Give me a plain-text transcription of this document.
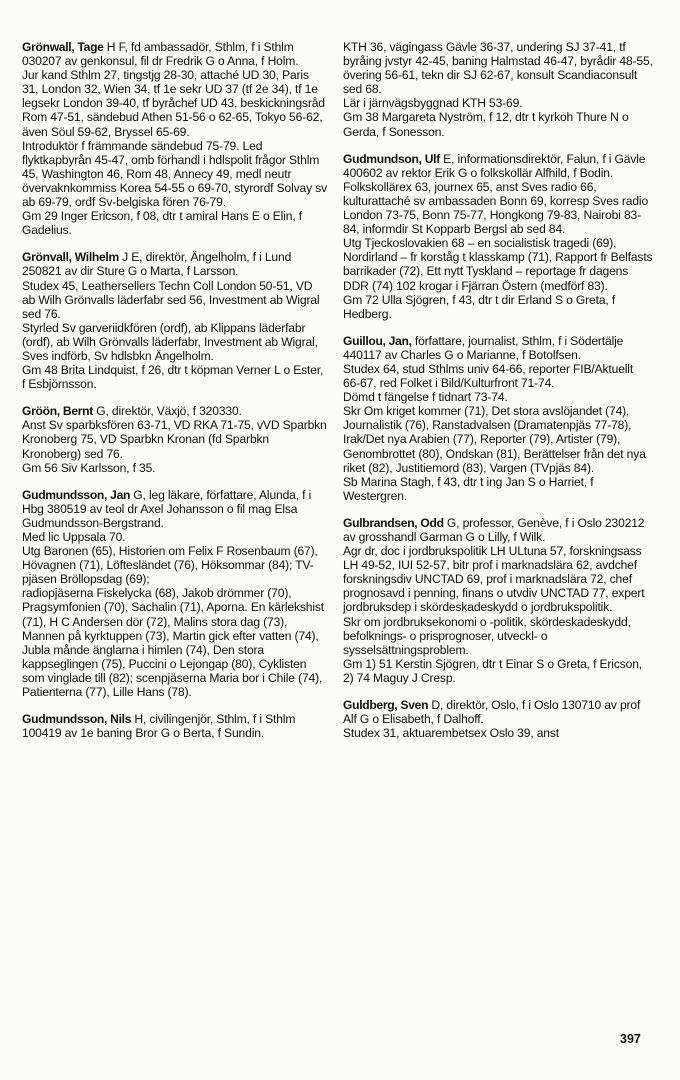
Grönwall, Tage H F, fd ambassadör, Sthlm, f i Sthlm 030207 av genkonsul, fil dr Fredrik G o Anna, f Holm.

Jur kand Sthlm 27, tingstjg 28-30, attaché UD 30, Paris 31, London 32, Wien 34, tf 1e sekr UD 37 (tf 2e 34), tf 1e legsekr London 39-40, tf byråchef UD 43, beskickningsråd Rom 47-51, sändebud Athen 51-56 o 62-65, Tokyo 56-62, även Söul 59-62, Bryssel 65-69.

Introduktör f främmande sändebud 75-79. Led flyktkapbyrån 45-47, omb förhandl i hdlspolit frågor Sthlm 45, Washington 46, Rom 48, Annecy 49, medl neutr övervaknkommiss Korea 54-55 o 69-70, styrordf Solvay sv ab 69-79, ordf Sv-belgiska fören 76-79.

Gm 29 Inger Ericson, f 08, dtr t amiral Hans E o Elin, f Gadelius.

Grönvall, Wilhelm J E, direktör, Ängelholm, f i Lund 250821 av dir Sture G o Marta, f Larsson.

Studex 45, Leathersellers Techn Coll London 50-51, VD ab Wilh Grönvalls läderfabr sed 56, Investment ab Wigral sed 76.

Styrled Sv garveriidkfören (ordf), ab Klippans läderfabr (ordf), ab Wilh Grönvalls läderfabr, Investment ab Wigral, Sves indförb, Sv hdlsbkn Ängelholm.

Gm 48 Brita Lindquist, f 26, dtr t köpman Verner L o Ester, f Esbjörnsson.

Gröön, Bernt G, direktör, Växjö, f 320330.

Anst Sv sparbksfören 63-71, VD RKA 71-75, vVD Sparbkn Kronoberg 75, VD Sparbkn Kronan (fd Sparbkn Kronoberg) sed 76.

Gm 56 Siv Karlsson, f 35.

Gudmundsson, Jan G, leg läkare, författare, Alunda, f i Hbg 380519 av teol dr Axel Johansson o fil mag Elsa Gudmundsson-Bergstrand.

Med lic Uppsala 70.

Utg Baronen (65), Historien om Felix F Rosenbaum (67), Hövagnen (71), Löftesländet (76), Höksommar (84); TV-pjäsen Bröllopsdag (69);

radiopjäserna Fiskelycka (68), Jakob drömmer (70), Pragsymfonien (70), Sachalin (71), Aporna. En kärlekshist (71), H C Andersen dör (72), Malins stora dag (73), Mannen på kyrktuppen (73), Martin gick efter vatten (74), Jubla månde änglarna i himlen (74), Den stora kappseglingen (75), Puccini o Lejongap (80), Cyklisten som vinglade till (82); scenpjäserna Maria bor i Chile (74), Patienterna (77), Lille Hans (78).

Gudmundsson, Nils H, civilingenjör, Sthlm, f i Sthlm 100419 av 1e baning Bror G o Berta, f Sundin.

KTH 36, vägingass Gävle 36-37, undering SJ 37-41, tf byråing jvstyr 42-45, baning Halmstad 46-47, byrådir 48-55, övering 56-61, tekn dir SJ 62-67, konsult Scandiaconsult sed 68.

Lär i järnvägsbyggnad KTH 53-69.

Gm 38 Margareta Nyström, f 12, dtr t kyrkoh Thure N o Gerda, f Sonesson.

Gudmundson, Ulf E, informationsdirektör, Falun, f i Gävle 400602 av rektor Erik G o folkskollär Alfhild, f Bodin.

Folkskollärex 63, journex 65, anst Sves radio 66, kulturattaché sv ambassaden Bonn 69, korresp Sves radio London 73-75, Bonn 75-77, Hongkong 79-83, Nairobi 83-84, informdir St Kopparb Bergsl ab sed 84.

Utg Tjeckoslovakien 68 – en socialistisk tragedi (69), Nordirland – fr korståg t klasskamp (71), Rapport fr Belfasts barrikader (72), Ett nytt Tyskland – reportage fr dagens DDR (74) 102 krogar i Fjärran Östern (medförf 83).

Gm 72 Ulla Sjögren, f 43, dtr t dir Erland S o Greta, f Hedberg.

Guillou, Jan, författare, journalist, Sthlm, f i Södertälje 440117 av Charles G o Marianne, f Botolfsen.

Studex 64, stud Sthlms univ 64-66, reporter FIB/Aktuellt 66-67, red Folket i Bild/Kulturfront 71-74.

Dömd t fängelse f tidnart 73-74.

Skr Om kriget kommer (71), Det stora avslöjandet (74), Journalistik (76), Ranstadvalsen (Dramatenpjäs 77-78), Irak/Det nya Arabien (77), Reporter (79), Artister (79), Genombrottet (80), Ondskan (81), Berättelser från det nya riket (82), Justitiemord (83), Vargen (TVpjäs 84).

Sb Marina Stagh, f 43, dtr t ing Jan S o Harriet, f Westergren.

Gulbrandsen, Odd G, professor, Genève, f i Oslo 230212 av grosshandl Garman G o Lilly, f Wilk.

Agr dr, doc i jordbrukspolitik LH ULtuna 57, forskningsass LH 49-52, IUI 52-57, bitr prof i marknadslära 62, avdchef forskningsdiv UNCTAD 69, prof i marknadslära 72, chef prognosavd i penning, finans o utvdiv UNCTAD 77, expert jordbruksdep i skördeskadeskydd o jordbrukspolitik.

Skr om jordbruksekonomi o -politik, skördeskadeskydd, befolknings- o prisprognoser, utveckl- o sysselsättningsproblem.

Gm 1) 51 Kerstin Sjögren, dtr t Einar S o Greta, f Ericson, 2) 74 Maguy J Cresp.

Guldberg, Sven D, direktör, Oslo, f i Oslo 130710 av prof Alf G o Elisabeth, f Dalhoff.

Studex 31, aktuarembetsex Oslo 39, anst

397
